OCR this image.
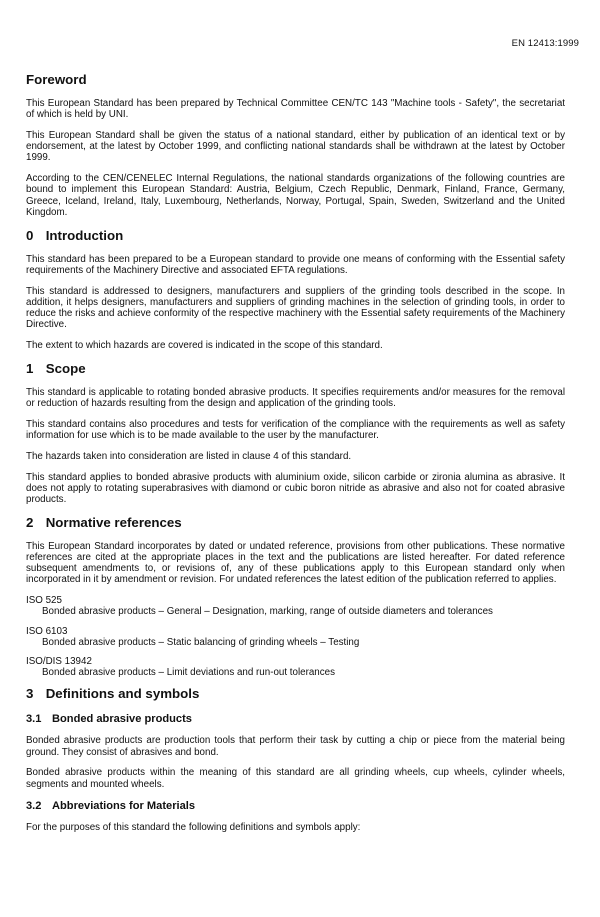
EN 12413:1999
Foreword

This European Standard has been prepared by Technical Committee CEN/TC 143 "Machine tools - Safety", the secretariat of which is held by UNI.

This European Standard shall be given the status of a national standard, either by publication of an identical text or by endorsement, at the latest by October 1999, and conflicting national standards shall be withdrawn at the latest by October 1999.

According to the CEN/CENELEC Internal Regulations, the national standards organizations of the following countries are bound to implement this European Standard: Austria, Belgium, Czech Republic, Denmark, Finland, France, Germany, Greece, Iceland, Ireland, Italy, Luxembourg, Netherlands, Norway, Portugal, Spain, Sweden, Switzerland and the United Kingdom.

0 Introduction

This standard has been prepared to be a European standard to provide one means of conforming with the Essential safety requirements of the Machinery Directive and associated EFTA regulations.

This standard is addressed to designers, manufacturers and suppliers of the grinding tools described in the scope. In addition, it helps designers, manufacturers and suppliers of grinding machines in the selection of grinding tools, in order to reduce the risks and achieve conformity of the respective machinery with the Essential safety requirements of the Machinery Directive.

The extent to which hazards are covered is indicated in the scope of this standard.

1 Scope

This standard is applicable to rotating bonded abrasive products. It specifies requirements and/or measures for the removal or reduction of hazards resulting from the design and application of the grinding tools.

This standard contains also procedures and tests for verification of the compliance with the requirements as well as safety information for use which is to be made available to the user by the manufacturer.

The hazards taken into consideration are listed in clause 4 of this standard.

This standard applies to bonded abrasive products with aluminium oxide, silicon carbide or zironia alumina as abrasive. It does not apply to rotating superabrasives with diamond or cubic boron nitride as abrasive and also not for coated abrasive products.

2 Normative references

This European Standard incorporates by dated or undated reference, provisions from other publications. These normative references are cited at the appropriate places in the text and the publications are listed hereafter. For dated reference subsequent amendments to, or revisions of, any of these publications apply to this European standard only when incorporated in it by amendment or revision. For undated references the latest edition of the publication referred to applies.

ISO 525
Bonded abrasive products – General – Designation, marking, range of outside diameters and tolerances
ISO 6103
Bonded abrasive products – Static balancing of grinding wheels – Testing
ISO/DIS 13942
Bonded abrasive products – Limit deviations and run-out tolerances
3 Definitions and symbols
3.1 Bonded abrasive products

Bonded abrasive products are production tools that perform their task by cutting a chip or piece from the material being ground. They consist of abrasives and bond.

Bonded abrasive products within the meaning of this standard are all grinding wheels, cup wheels, cylinder wheels, segments and mounted wheels.

3.2 Abbreviations for Materials

For the purposes of this standard the following definitions and symbols apply:
